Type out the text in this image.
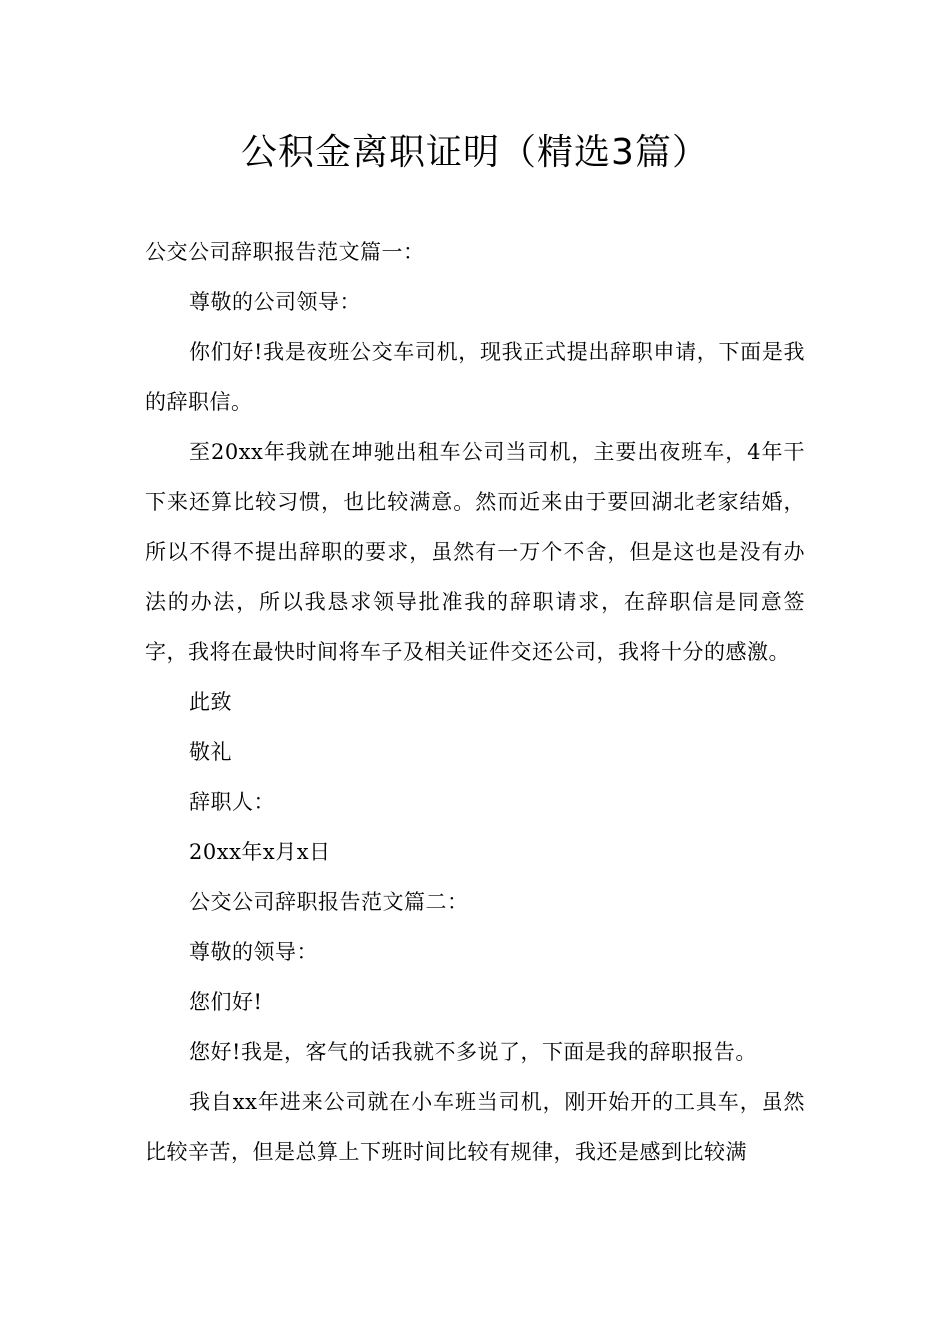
公积金离职证明（精选3篇）

公交公司辞职报告范文篇一：

尊敬的公司领导：

你们好!我是夜班公交车司机，现我正式提出辞职申请，下面是我的辞职信。

至20xx年我就在坤驰出租车公司当司机，主要出夜班车，4年干下来还算比较习惯，也比较满意。然而近来由于要回湖北老家结婚，所以不得不提出辞职的要求，虽然有一万个不舍，但是这也是没有办法的办法，所以我恳求领导批准我的辞职请求，在辞职信是同意签字，我将在最快时间将车子及相关证件交还公司，我将十分的感激。

此致

敬礼

辞职人：

20xx年x月x日

公交公司辞职报告范文篇二：

尊敬的领导：

您们好!

您好!我是，客气的话我就不多说了，下面是我的辞职报告。

我自xx年进来公司就在小车班当司机，刚开始开的工具车，虽然比较辛苦，但是总算上下班时间比较有规律，我还是感到比较满
